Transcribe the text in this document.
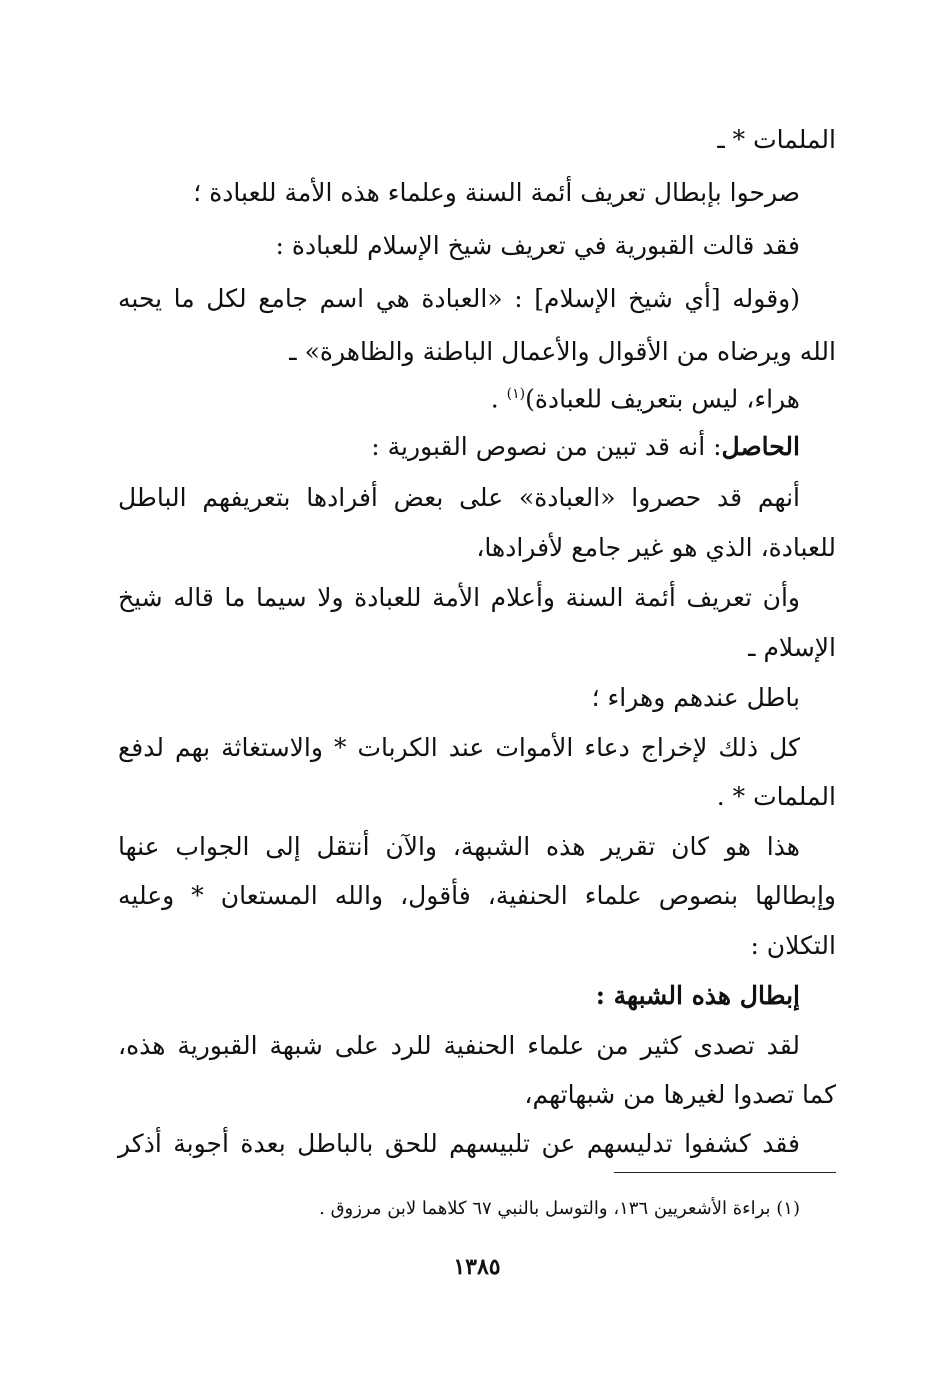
الملمات * ـ
صرحوا بإبطال تعريف أئمة السنة وعلماء هذه الأمة للعبادة ؛
فقد قالت القبورية في تعريف شيخ الإسلام للعبادة :
(وقوله [أي شيخ الإسلام] : «العبادة هي اسم جامع لكل ما يحبه
الله ويرضاه من الأقوال والأعمال الباطنة والظاهرة» ـ
هراء، ليس بتعريف للعبادة)$^{(١)}$ .
الحاصل: أنه قد تبين من نصوص القبورية :
أنهم قد حصروا «العبادة» على بعض أفرادها بتعريفهم الباطل
للعبادة، الذي هو غير جامع لأفرادها،
وأن تعريف أئمة السنة وأعلام الأمة للعبادة ولا سيما ما قاله شيخ
الإسلام ـ
باطل عندهم وهراء ؛
كل ذلك لإخراج دعاء الأموات عند الكربات * والاستغاثة بهم لدفع
الملمات * .
هذا هو كان تقرير هذه الشبهة، والآن أنتقل إلى الجواب عنها
وإبطالها بنصوص علماء الحنفية، فأقول، والله المستعان * وعليه
التكلان :
إبطال هذه الشبهة :
لقد تصدى كثير من علماء الحنفية للرد على شبهة القبورية هذه،
كما تصدوا لغيرها من شبهاتهم،
فقد كشفوا تدليسهم عن تلبيسهم للحق بالباطل بعدة أجوبة أذكر
(١) براءة الأشعريين ١٣٦، والتوسل بالنبي ٦٧ كلاهما لابن مرزوق .
١٣٨٥
